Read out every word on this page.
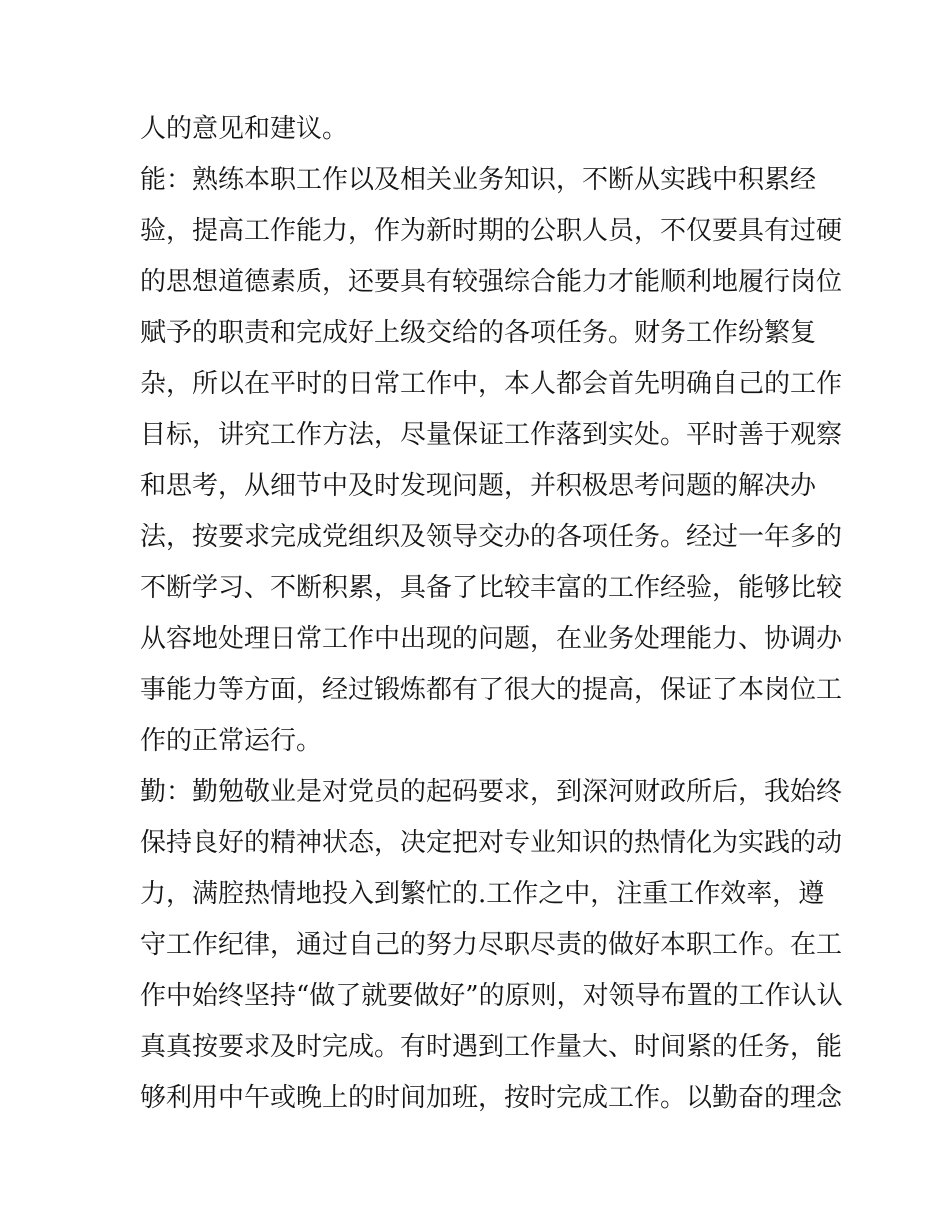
人的意见和建议。
能：熟练本职工作以及相关业务知识，不断从实践中积累经
验，提高工作能力，作为新时期的公职人员，不仅要具有过硬
的思想道德素质，还要具有较强综合能力才能顺利地履行岗位
赋予的职责和完成好上级交给的各项任务。财务工作纷繁复
杂，所以在平时的日常工作中，本人都会首先明确自己的工作
目标，讲究工作方法，尽量保证工作落到实处。平时善于观察
和思考，从细节中及时发现问题，并积极思考问题的解决办
法，按要求完成党组织及领导交办的各项任务。经过一年多的
不断学习、不断积累，具备了比较丰富的工作经验，能够比较
从容地处理日常工作中出现的问题，在业务处理能力、协调办
事能力等方面，经过锻炼都有了很大的提高，保证了本岗位工
作的正常运行。
勤：勤勉敬业是对党员的起码要求，到深河财政所后，我始终
保持良好的精神状态，决定把对专业知识的热情化为实践的动
力，满腔热情地投入到繁忙的.工作之中，注重工作效率，遵
守工作纪律，通过自己的努力尽职尽责的做好本职工作。在工
作中始终坚持“做了就要做好”的原则，对领导布置的工作认认
真真按要求及时完成。有时遇到工作量大、时间紧的任务，能
够利用中午或晚上的时间加班，按时完成工作。以勤奋的理念
